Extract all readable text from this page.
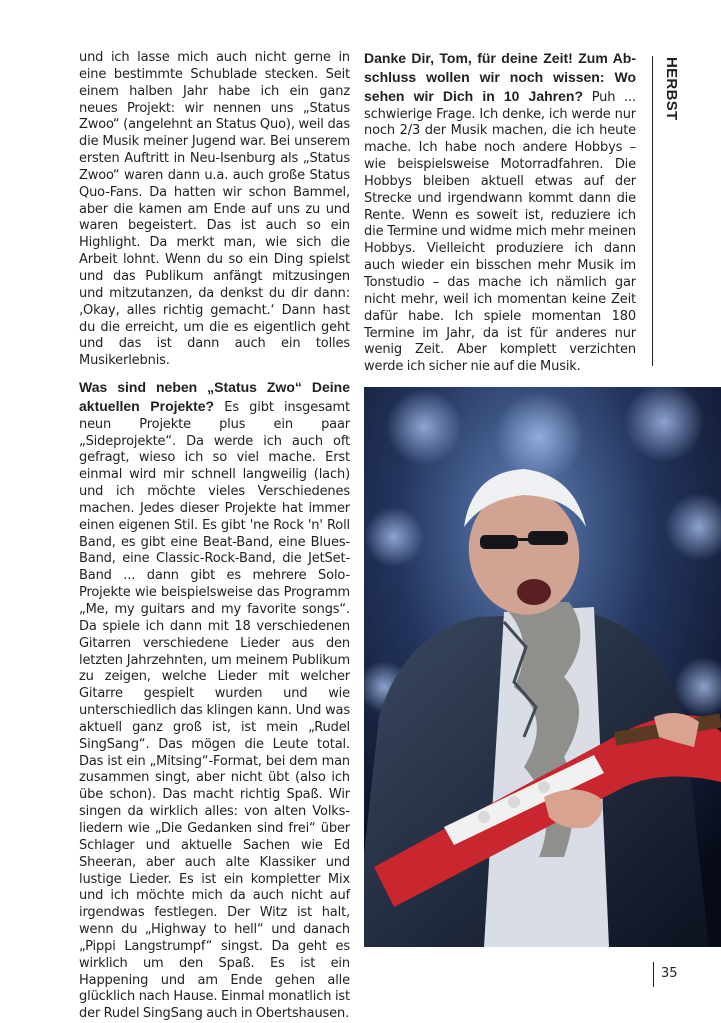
und ich lasse mich auch nicht gerne in eine bestimmte Schublade stecken. Seit einem halben Jahr habe ich ein ganz neues Projekt: wir nennen uns „Status Zwoo“ (angelehnt an Status Quo), weil das die Musik meiner Jugend war. Bei unserem ersten Auftritt in Neu-Isenburg als „Status Zwoo“ waren dann u.a. auch große Status Quo-Fans. Da hatten wir schon Bammel, aber die kamen am Ende auf uns zu und waren begeistert. Das ist auch so ein Highlight. Da merkt man, wie sich die Arbeit lohnt. Wenn du so ein Ding spielst und das Publikum anfängt mitzusingen und mitzutanzen, da denkst du dir dann: ‚Okay, alles richtig gemacht.‘ Dann hast du die erreicht, um die es eigentlich geht und das ist dann auch ein tolles Musikerlebnis.

Was sind neben „Status Zwo“ Deine aktuellen Projekte? Es gibt insgesamt neun Projekte plus ein paar „Sideprojekte“. Da werde ich auch oft gefragt, wieso ich so viel mache. Erst einmal wird mir schnell langweilig (lach) und ich möchte vieles Verschiedenes machen. Jedes dieser Projekte hat immer einen eigenen Stil. Es gibt 'ne Rock 'n' Roll Band, es gibt eine Beat-Band, eine Blues-Band, eine Classic-Rock-Band, die JetSet-Band ... dann gibt es mehrere Solo-Projekte wie beispielsweise das Programm „Me, my guitars and my favorite songs“. Da spiele ich dann mit 18 verschiedenen Gitarren verschiedene Lieder aus den letzten Jahrzehnten, um meinem Publikum zu zeigen, welche Lieder mit welcher Gitarre gespielt wurden und wie unterschiedlich das klingen kann. Und was aktuell ganz groß ist, ist mein „Rudel SingSang“. Das mögen die Leute total. Das ist ein „Mitsing“-Format, bei dem man zusammen singt, aber nicht übt (also ich übe schon). Das macht richtig Spaß. Wir singen da wirklich alles: von alten Volksliedern wie „Die Gedanken sind frei“ über Schlager und aktuelle Sachen wie Ed Sheeran, aber auch alte Klassiker und lustige Lieder. Es ist ein kompletter Mix und ich möchte mich da auch nicht auf irgendwas festlegen. Der Witz ist halt, wenn du „Highway to hell“ und danach „Pippi Langstrumpf“ singst. Da geht es wirklich um den Spaß. Es ist ein Happening und am Ende gehen alle glücklich nach Hause. Einmal monatlich ist der Rudel SingSang auch in Obertshausen.

Danke Dir, Tom, für deine Zeit! Zum Abschluss wollen wir noch wissen: Wo sehen wir Dich in 10 Jahren? Puh ... schwierige Frage. Ich denke, ich werde nur noch 2/3 der Musik machen, die ich heute mache. Ich habe noch andere Hobbys – wie beispielsweise Motorradfahren. Die Hobbys bleiben aktuell etwas auf der Strecke und irgendwann kommt dann die Rente. Wenn es soweit ist, reduziere ich die Termine und widme mich mehr meinen Hobbys. Vielleicht produziere ich dann auch wieder ein bisschen mehr Musik im Tonstudio – das mache ich nämlich gar nicht mehr, weil ich momentan keine Zeit dafür habe. Ich spiele momentan 180 Termine im Jahr, da ist für anderes nur wenig Zeit. Aber komplett verzichten werde ich sicher nie auf die Musik.

HERBST
35
